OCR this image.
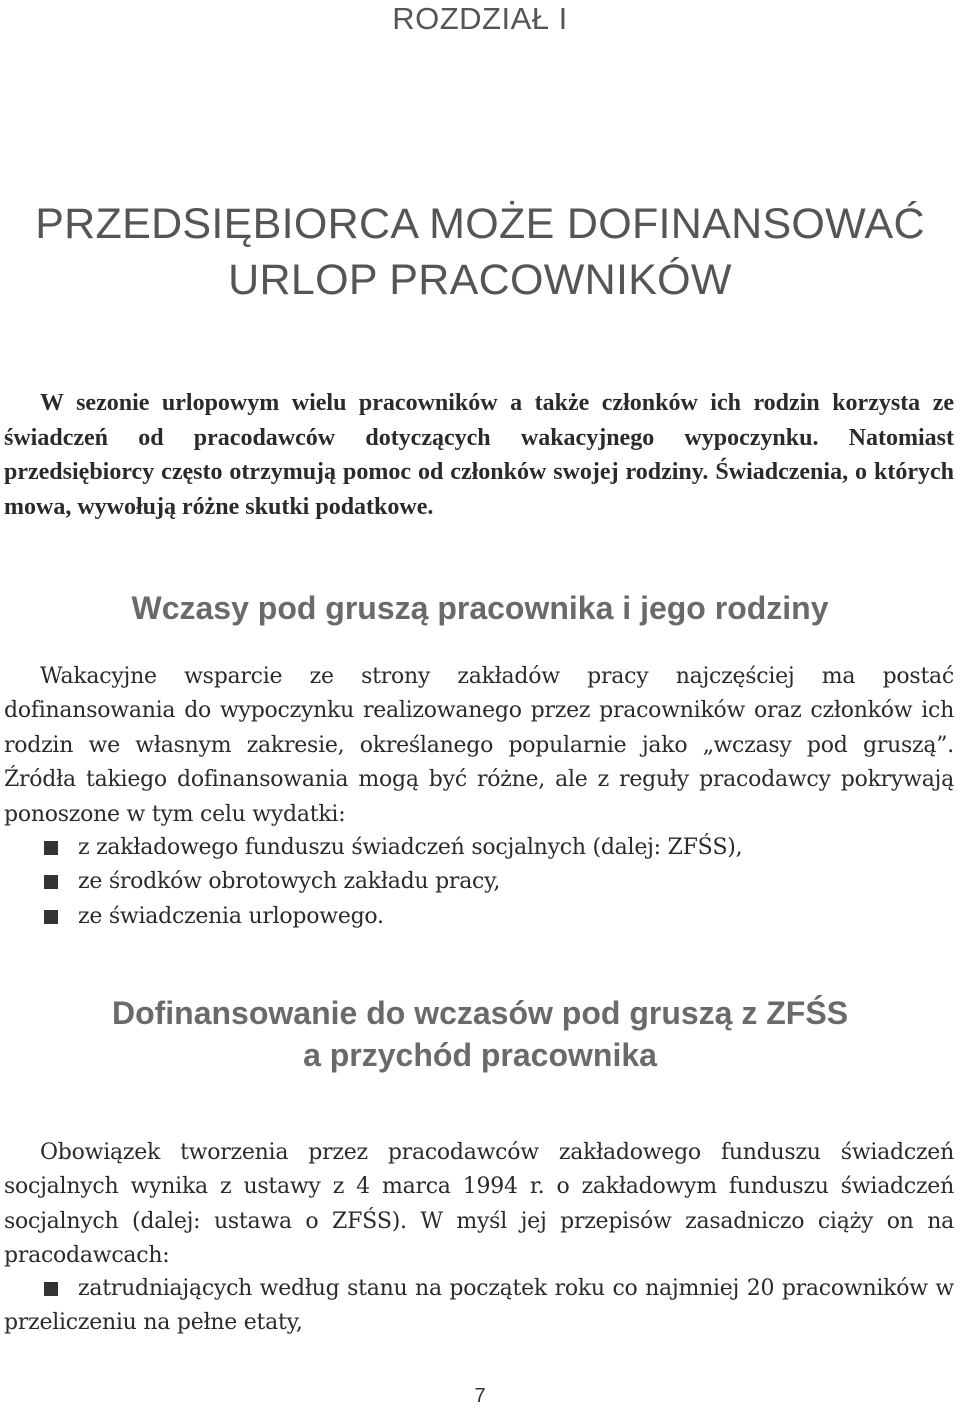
ROZDZIAŁ I
PRZEDSIĘBIORCA MOŻE DOFINANSOWAĆ
URLOP PRACOWNIKÓW

W sezonie urlopowym wielu pracowników a także członków ich rodzin korzysta ze świadczeń od pracodawców dotyczących wakacyjnego wypoczynku. Natomiast przedsiębiorcy często otrzymują pomoc od członków swojej rodziny. Świadczenia, o których mowa, wywołują różne skutki podatkowe.

Wczasy pod gruszą pracownika i jego rodziny

Wakacyjne wsparcie ze strony zakładów pracy najczęściej ma postać dofinansowania do wypoczynku realizowanego przez pracowników oraz członków ich rodzin we własnym zakresie, określanego popularnie jako „wczasy pod gruszą”. Źródła takiego dofinansowania mogą być różne, ale z reguły pracodawcy pokrywają ponoszone w tym celu wydatki:

z zakładowego funduszu świadczeń socjalnych (dalej: ZFŚS),
ze środków obrotowych zakładu pracy,
ze świadczenia urlopowego.
Dofinansowanie do wczasów pod gruszą z ZFŚS
a przychód pracownika

Obowiązek tworzenia przez pracodawców zakładowego funduszu świadczeń socjalnych wynika z ustawy z 4 marca 1994 r. o zakładowym funduszu świadczeń socjalnych (dalej: ustawa o ZFŚS). W myśl jej przepisów zasadniczo ciąży on na pracodawcach:

zatrudniających według stanu na początek roku co najmniej 20 pracowników w przeliczeniu na pełne etaty,
7
